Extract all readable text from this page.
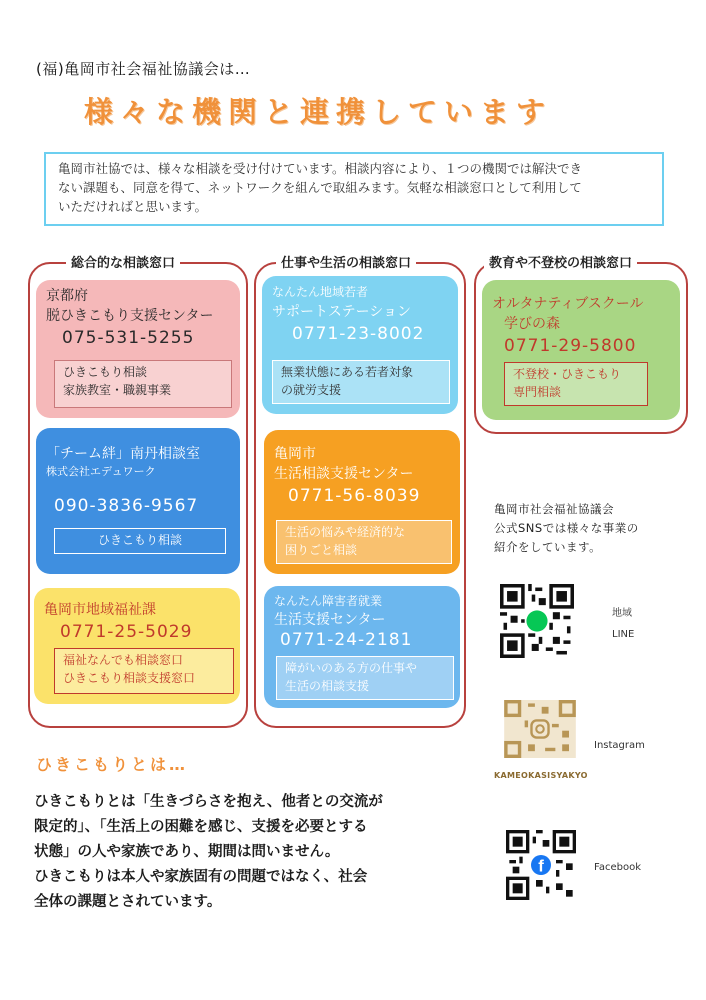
(福)亀岡市社会福祉協議会は…
様々な機関と連携しています
亀岡市社協では、様々な相談を受け付けています。相談内容により、１つの機関では解決でき
ない課題も、同意を得て、ネットワークを組んで取組みます。気軽な相談窓口として利用して
いただければと思います。
総合的な相談窓口	仕事や生活の相談窓口	教育や不登校の相談窓口
京都府
脱ひきこもり支援センター
075-531-5255
ひきこもり相談
家族教室・職親事業
「チーム絆」南丹相談室
株式会社エデュワーク
090-3836-9567
ひきこもり相談
亀岡市地域福祉課
0771-25-5029
福祉なんでも相談窓口
ひきこもり相談支援窓口
なんたん地域若者
サポートステーション
0771-23-8002
無業状態にある若者対象
の就労支援
亀岡市
生活相談支援センター
0771-56-8039
生活の悩みや経済的な
困りごと相談
なんたん障害者就業
生活支援センター
0771-24-2181
障がいのある方の仕事や
生活の相談支援
オルタナティブスクール
学びの森
0771-29-5800
不登校・ひきこもり
専門相談
亀岡市社会福祉協議会
公式SNSでは様々な事業の
紹介をしています。
地域
LINE
KAMEOKASISYAKYO
Instagram
f	Facebook
ひきこもりとは…
ひきこもりとは「生きづらさを抱え、他者との交流が
限定的」、「生活上の困難を感じ、支援を必要とする
状態」の人や家族であり、期間は問いません。
ひきこもりは本人や家族固有の問題ではなく、社会
全体の課題とされています。
